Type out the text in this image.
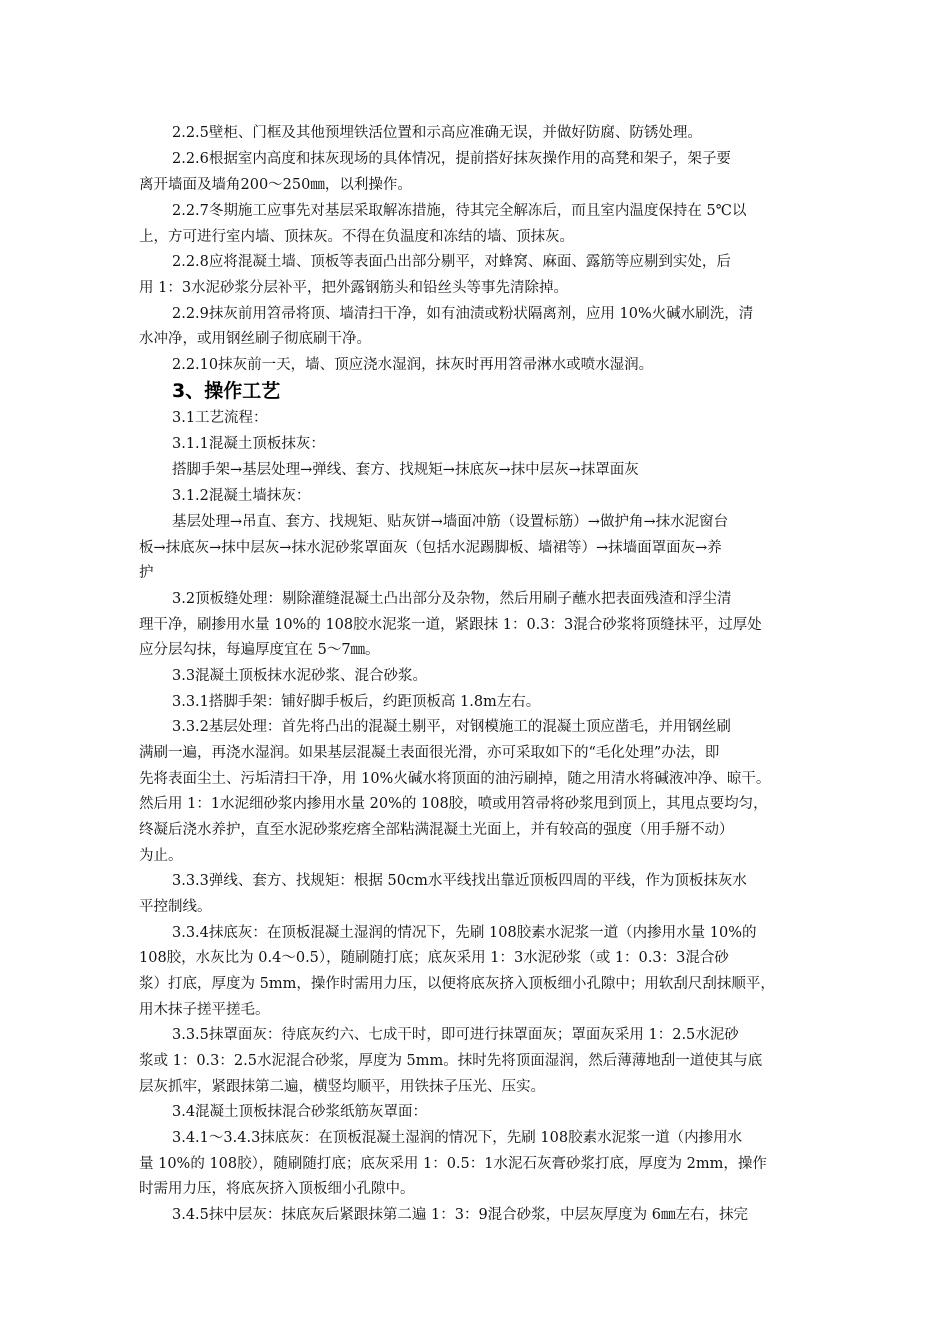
2.2.5壁柜、门框及其他预埋铁活位置和示高应准确无误，并做好防腐、防锈处理。
2.2.6根据室内高度和抹灰现场的具体情况，提前搭好抹灰操作用的高凳和架子，架子要
离开墙面及墙角200～250㎜，以利操作。
2.2.7冬期施工应事先对基层采取解冻措施，待其完全解冻后，而且室内温度保持在 5℃以
上，方可进行室内墙、顶抹灰。不得在负温度和冻结的墙、顶抹灰。
2.2.8应将混凝土墙、顶板等表面凸出部分剔平，对蜂窝、麻面、露筋等应剔到实处，后
用 1：3水泥砂浆分层补平，把外露钢筋头和铅丝头等事先清除掉。
2.2.9抹灰前用笤帚将顶、墙清扫干净，如有油渍或粉状隔离剂，应用 10%火碱水刷洗，清
水冲净，或用钢丝刷子彻底刷干净。
2.2.10抹灰前一天，墙、顶应浇水湿润，抹灰时再用笤帚淋水或喷水湿润。
3、操作工艺
3.1工艺流程：
3.1.1混凝土顶板抹灰：
搭脚手架→基层处理→弹线、套方、找规矩→抹底灰→抹中层灰→抹罩面灰
3.1.2混凝土墙抹灰：
基层处理→吊直、套方、找规矩、贴灰饼→墙面冲筋（设置标筋）→做护角→抹水泥窗台
板→抹底灰→抹中层灰→抹水泥砂浆罩面灰（包括水泥踢脚板、墙裙等）→抹墙面罩面灰→养
护
3.2顶板缝处理：剔除灌缝混凝土凸出部分及杂物，然后用刷子蘸水把表面残渣和浮尘清
理干净，刷掺用水量 10%的 108胶水泥浆一道，紧跟抹 1：0.3：3混合砂浆将顶缝抹平，过厚处
应分层勾抹，每遍厚度宜在 5～7㎜。
3.3混凝土顶板抹水泥砂浆、混合砂浆。
3.3.1搭脚手架：铺好脚手板后，约距顶板高 1.8m左右。
3.3.2基层处理：首先将凸出的混凝土剔平，对钢模施工的混凝土顶应凿毛，并用钢丝刷
满刷一遍，再浇水湿润。如果基层混凝土表面很光滑，亦可采取如下的“毛化处理”办法，即
先将表面尘土、污垢清扫干净，用 10%火碱水将顶面的油污刷掉，随之用清水将碱液冲净、晾干。
然后用 1：1水泥细砂浆内掺用水量 20%的 108胶，喷或用笤帚将砂浆甩到顶上，其甩点要均匀，
终凝后浇水养护，直至水泥砂浆疙瘩全部粘满混凝土光面上，并有较高的强度（用手掰不动）
为止。
3.3.3弹线、套方、找规矩：根据 50cm水平线找出靠近顶板四周的平线，作为顶板抹灰水
平控制线。
3.3.4抹底灰：在顶板混凝土湿润的情况下，先刷 108胶素水泥浆一道（内掺用水量 10%的
108胶，水灰比为 0.4～0.5），随刷随打底；底灰采用 1：3水泥砂浆（或 1：0.3：3混合砂
浆）打底，厚度为 5mm，操作时需用力压，以便将底灰挤入顶板细小孔隙中；用软刮尺刮抹顺平，
用木抹子搓平搓毛。
3.3.5抹罩面灰：待底灰约六、七成干时，即可进行抹罩面灰；罩面灰采用 1：2.5水泥砂
浆或 1：0.3：2.5水泥混合砂浆，厚度为 5mm。抹时先将顶面湿润，然后薄薄地刮一道使其与底
层灰抓牢，紧跟抹第二遍，横竖均顺平，用铁抹子压光、压实。
3.4混凝土顶板抹混合砂浆纸筋灰罩面：
3.4.1～3.4.3抹底灰：在顶板混凝土湿润的情况下，先刷 108胶素水泥浆一道（内掺用水
量 10%的 108胶），随刷随打底；底灰采用 1：0.5：1水泥石灰膏砂浆打底，厚度为 2mm，操作
时需用力压，将底灰挤入顶板细小孔隙中。
3.4.5抹中层灰：抹底灰后紧跟抹第二遍 1：3：9混合砂浆，中层灰厚度为 6㎜左右，抹完
